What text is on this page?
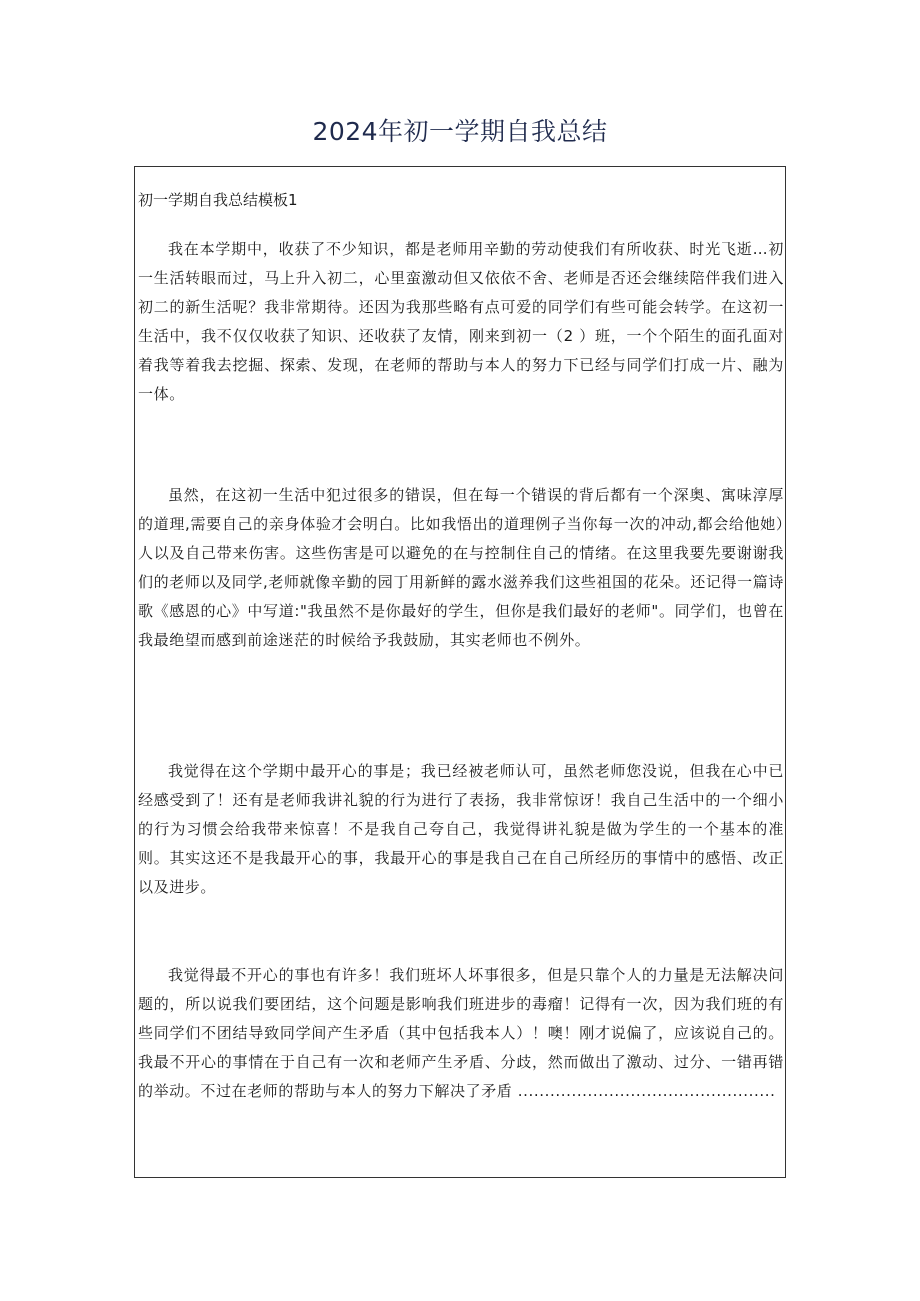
2024年初一学期自我总结

初一学期自我总结模板1

我在本学期中，收获了不少知识，都是老师用辛勤的劳动使我们有所收获、时光飞逝…初一生活转眼而过，马上升入初二，心里蛮激动但又依依不舍、老师是否还会继续陪伴我们进入初二的新生活呢？我非常期待。还因为我那些略有点可爱的同学们有些可能会转学。在这初一生活中，我不仅仅收获了知识、还收获了友情，刚来到初一（2 ）班，一个个陌生的面孔面对着我等着我去挖掘、探索、发现，在老师的帮助与本人的努力下已经与同学们打成一片、融为一体。

虽然，在这初一生活中犯过很多的错误，但在每一个错误的背后都有一个深奥、寓味淳厚的道理,需要自己的亲身体验才会明白。比如我悟出的道理例子当你每一次的冲动,都会给他她）人以及自己带来伤害。这些伤害是可以避免的在与控制住自己的情绪。在这里我要先要谢谢我们的老师以及同学,老师就像辛勤的园丁用新鲜的露水滋养我们这些祖国的花朵。还记得一篇诗歌《感恩的心》中写道:"我虽然不是你最好的学生，但你是我们最好的老师"。同学们，也曾在我最绝望而感到前途迷茫的时候给予我鼓励，其实老师也不例外。

我觉得在这个学期中最开心的事是；我已经被老师认可，虽然老师您没说，但我在心中已经感受到了！还有是老师我讲礼貌的行为进行了表扬，我非常惊讶！我自己生活中的一个细小的行为习惯会给我带来惊喜！不是我自己夸自己，我觉得讲礼貌是做为学生的一个基本的准则。其实这还不是我最开心的事，我最开心的事是我自己在自己所经历的事情中的感悟、改正以及进步。

我觉得最不开心的事也有许多！我们班坏人坏事很多，但是只靠个人的力量是无法解决问题的，所以说我们要团结，这个问题是影响我们班进步的毒瘤！记得有一次，因为我们班的有些同学们不团结导致同学间产生矛盾（其中包括我本人）！噢！刚才说偏了，应该说自己的。我最不开心的事情在于自己有一次和老师产生矛盾、分歧，然而做出了激动、过分、一错再错的举动。不过在老师的帮助与本人的努力下解决了矛盾 ................................................
